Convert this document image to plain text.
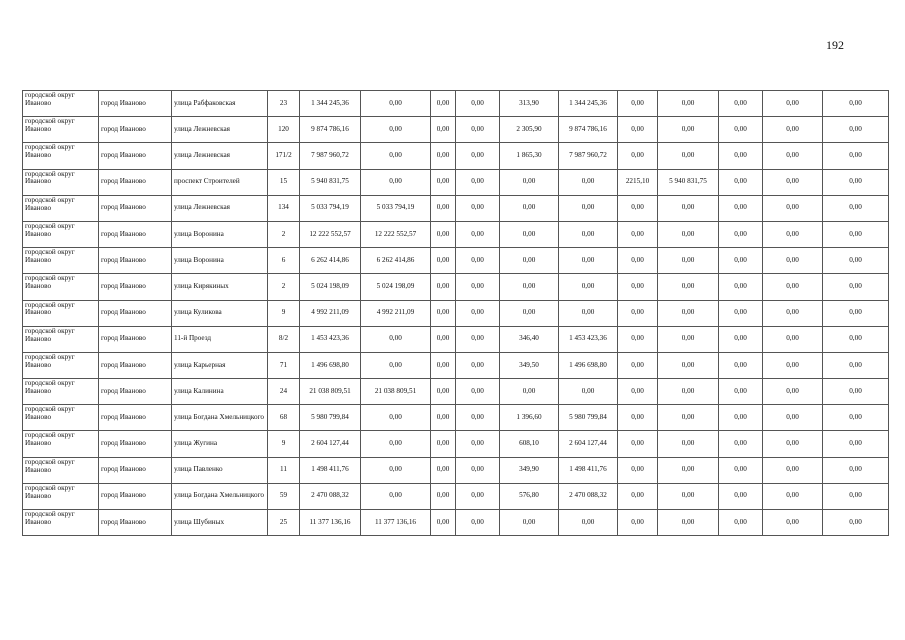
192
городской округ Иваново	город Иваново	улица Рабфаковская	23	1 344 245,36	0,00	0,00	0,00	313,90	1 344 245,36	0,00	0,00	0,00	0,00	0,00
городской округ Иваново	город Иваново	улица Лежневская	120	9 874 786,16	0,00	0,00	0,00	2 305,90	9 874 786,16	0,00	0,00	0,00	0,00	0,00
городской округ Иваново	город Иваново	улица Лежневская	171/2	7 987 960,72	0,00	0,00	0,00	1 865,30	7 987 960,72	0,00	0,00	0,00	0,00	0,00
городской округ Иваново	город Иваново	проспект Строителей	15	5 940 831,75	0,00	0,00	0,00	0,00	0,00	2215,10	5 940 831,75	0,00	0,00	0,00
городской округ Иваново	город Иваново	улица Лежневская	134	5 033 794,19	5 033 794,19	0,00	0,00	0,00	0,00	0,00	0,00	0,00	0,00	0,00
городской округ Иваново	город Иваново	улица Воронина	2	12 222 552,57	12 222 552,57	0,00	0,00	0,00	0,00	0,00	0,00	0,00	0,00	0,00
городской округ Иваново	город Иваново	улица Воронина	6	6 262 414,86	6 262 414,86	0,00	0,00	0,00	0,00	0,00	0,00	0,00	0,00	0,00
городской округ Иваново	город Иваново	улица Кирякиных	2	5 024 198,09	5 024 198,09	0,00	0,00	0,00	0,00	0,00	0,00	0,00	0,00	0,00
городской округ Иваново	город Иваново	улица Куликова	9	4 992 211,09	4 992 211,09	0,00	0,00	0,00	0,00	0,00	0,00	0,00	0,00	0,00
городской округ Иваново	город Иваново	11-й Проезд	8/2	1 453 423,36	0,00	0,00	0,00	346,40	1 453 423,36	0,00	0,00	0,00	0,00	0,00
городской округ Иваново	город Иваново	улица Карьерная	71	1 496 698,80	0,00	0,00	0,00	349,50	1 496 698,80	0,00	0,00	0,00	0,00	0,00
городской округ Иваново	город Иваново	улица Калинина	24	21 038 809,51	21 038 809,51	0,00	0,00	0,00	0,00	0,00	0,00	0,00	0,00	0,00
городской округ Иваново	город Иваново	улица Богдана Хмельницкого	68	5 980 799,84	0,00	0,00	0,00	1 396,60	5 980 799,84	0,00	0,00	0,00	0,00	0,00
городской округ Иваново	город Иваново	улица Жугина	9	2 604 127,44	0,00	0,00	0,00	608,10	2 604 127,44	0,00	0,00	0,00	0,00	0,00
городской округ Иваново	город Иваново	улица Павленко	11	1 498 411,76	0,00	0,00	0,00	349,90	1 498 411,76	0,00	0,00	0,00	0,00	0,00
городской округ Иваново	город Иваново	улица Богдана Хмельницкого	59	2 470 088,32	0,00	0,00	0,00	576,80	2 470 088,32	0,00	0,00	0,00	0,00	0,00
городской округ Иваново	город Иваново	улица Шубиных	25	11 377 136,16	11 377 136,16	0,00	0,00	0,00	0,00	0,00	0,00	0,00	0,00	0,00
